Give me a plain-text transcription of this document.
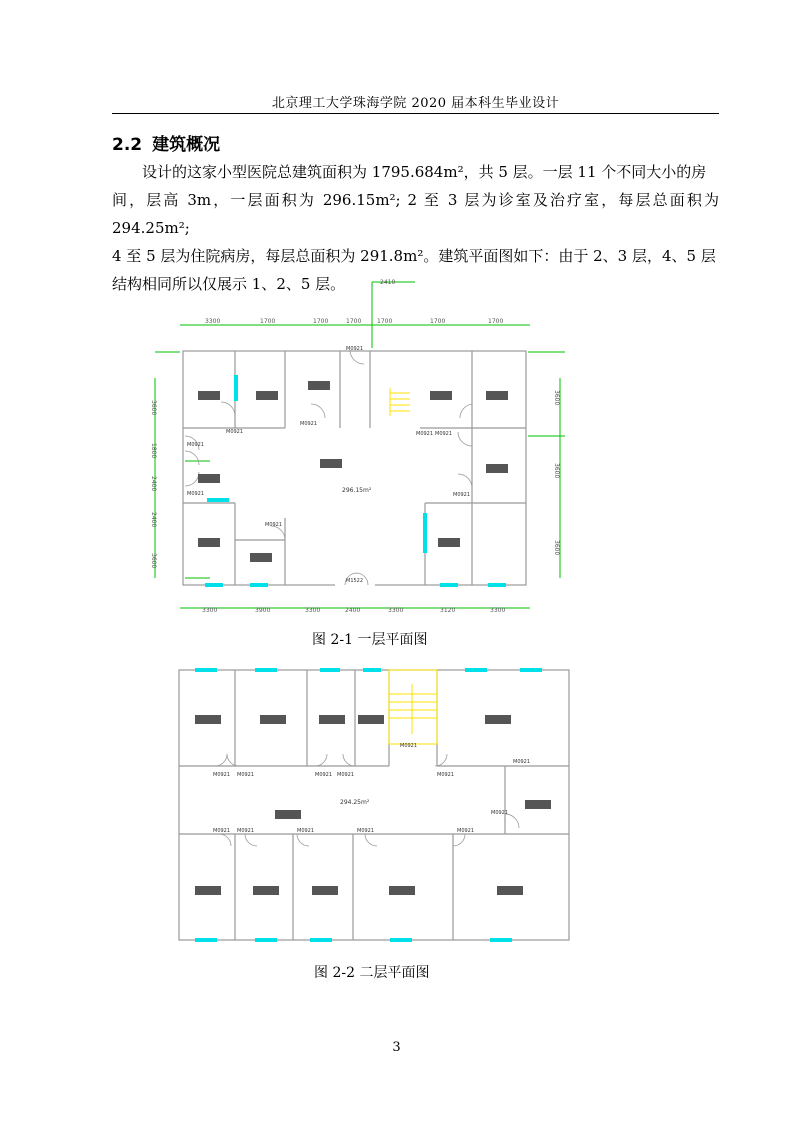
北京理工大学珠海学院 2020 届本科生毕业设计
2.2 建筑概况

设计的这家小型医院总建筑面积为 1795.684m²，共 5 层。一层 11 个不同大小的房

间，层高 3m，一层面积为 296.15m²; 2 至 3 层为诊室及治疗室，每层总面积为 294.25m²;

4 至 5 层为住院病房，每层总面积为 291.8m²。建筑平面图如下：由于 2、3 层，4、5 层

结构相同所以仅展示 1、2、5 层。	2410
3300	1700	1700	1700	1700	1700	1700
3300	3900	3300	2400	3300	3120	3300
3600
1800
2400
2400
3600
3600
3600
3600
M0921
M0921
M0921
M0921
M0921
M0921 M0921
M0921
M0921
M1522
296.15m²
图 2-1 一层平面图
M0921 M0921	M0921 M0921	M0921
M0921
M0921
M0921 M0921	M0921	M0921	M0921
M0921
294.25m²
图 2-2 二层平面图
3
